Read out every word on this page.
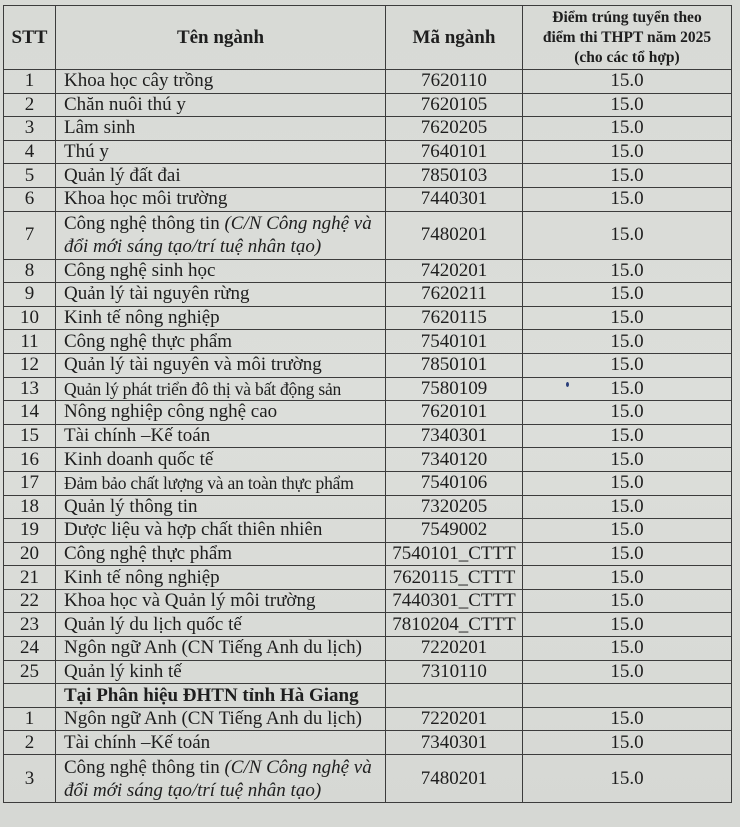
STT	Tên ngành	Mã ngành	Điểm trúng tuyển theo
điểm thi THPT năm 2025
(cho các tổ hợp)
1	Khoa học cây trồng	7620110	15.0
2	Chăn nuôi thú y	7620105	15.0
3	Lâm sinh	7620205	15.0
4	Thú y	7640101	15.0
5	Quản lý đất đai	7850103	15.0
6	Khoa học môi trường	7440301	15.0
7	Công nghệ thông tin (C/N Công nghệ và đổi mới sáng tạo/trí tuệ nhân tạo)	7480201	15.0
8	Công nghệ sinh học	7420201	15.0
9	Quản lý tài nguyên rừng	7620211	15.0
10	Kinh tế nông nghiệp	7620115	15.0
11	Công nghệ thực phẩm	7540101	15.0
12	Quản lý tài nguyên và môi trường	7850101	15.0
13	Quản lý phát triển đô thị và bất động sản	7580109	15.0
14	Nông nghiệp công nghệ cao	7620101	15.0
15	Tài chính –Kế toán	7340301	15.0
16	Kinh doanh quốc tế	7340120	15.0
17	Đảm bảo chất lượng và an toàn thực phẩm	7540106	15.0
18	Quản lý thông tin	7320205	15.0
19	Dược liệu và hợp chất thiên nhiên	7549002	15.0
20	Công nghệ thực phẩm	7540101_CTTT	15.0
21	Kinh tế nông nghiệp	7620115_CTTT	15.0
22	Khoa học và Quản lý môi trường	7440301_CTTT	15.0
23	Quản lý du lịch quốc tế	7810204_CTTT	15.0
24	Ngôn ngữ Anh (CN Tiếng Anh du lịch)	7220201	15.0
25	Quản lý kinh tế	7310110	15.0
	Tại Phân hiệu ĐHTN tỉnh Hà Giang		
1	Ngôn ngữ Anh (CN Tiếng Anh du lịch)	7220201	15.0
2	Tài chính –Kế toán	7340301	15.0
3	Công nghệ thông tin (C/N Công nghệ và đổi mới sáng tạo/trí tuệ nhân tạo)	7480201	15.0
